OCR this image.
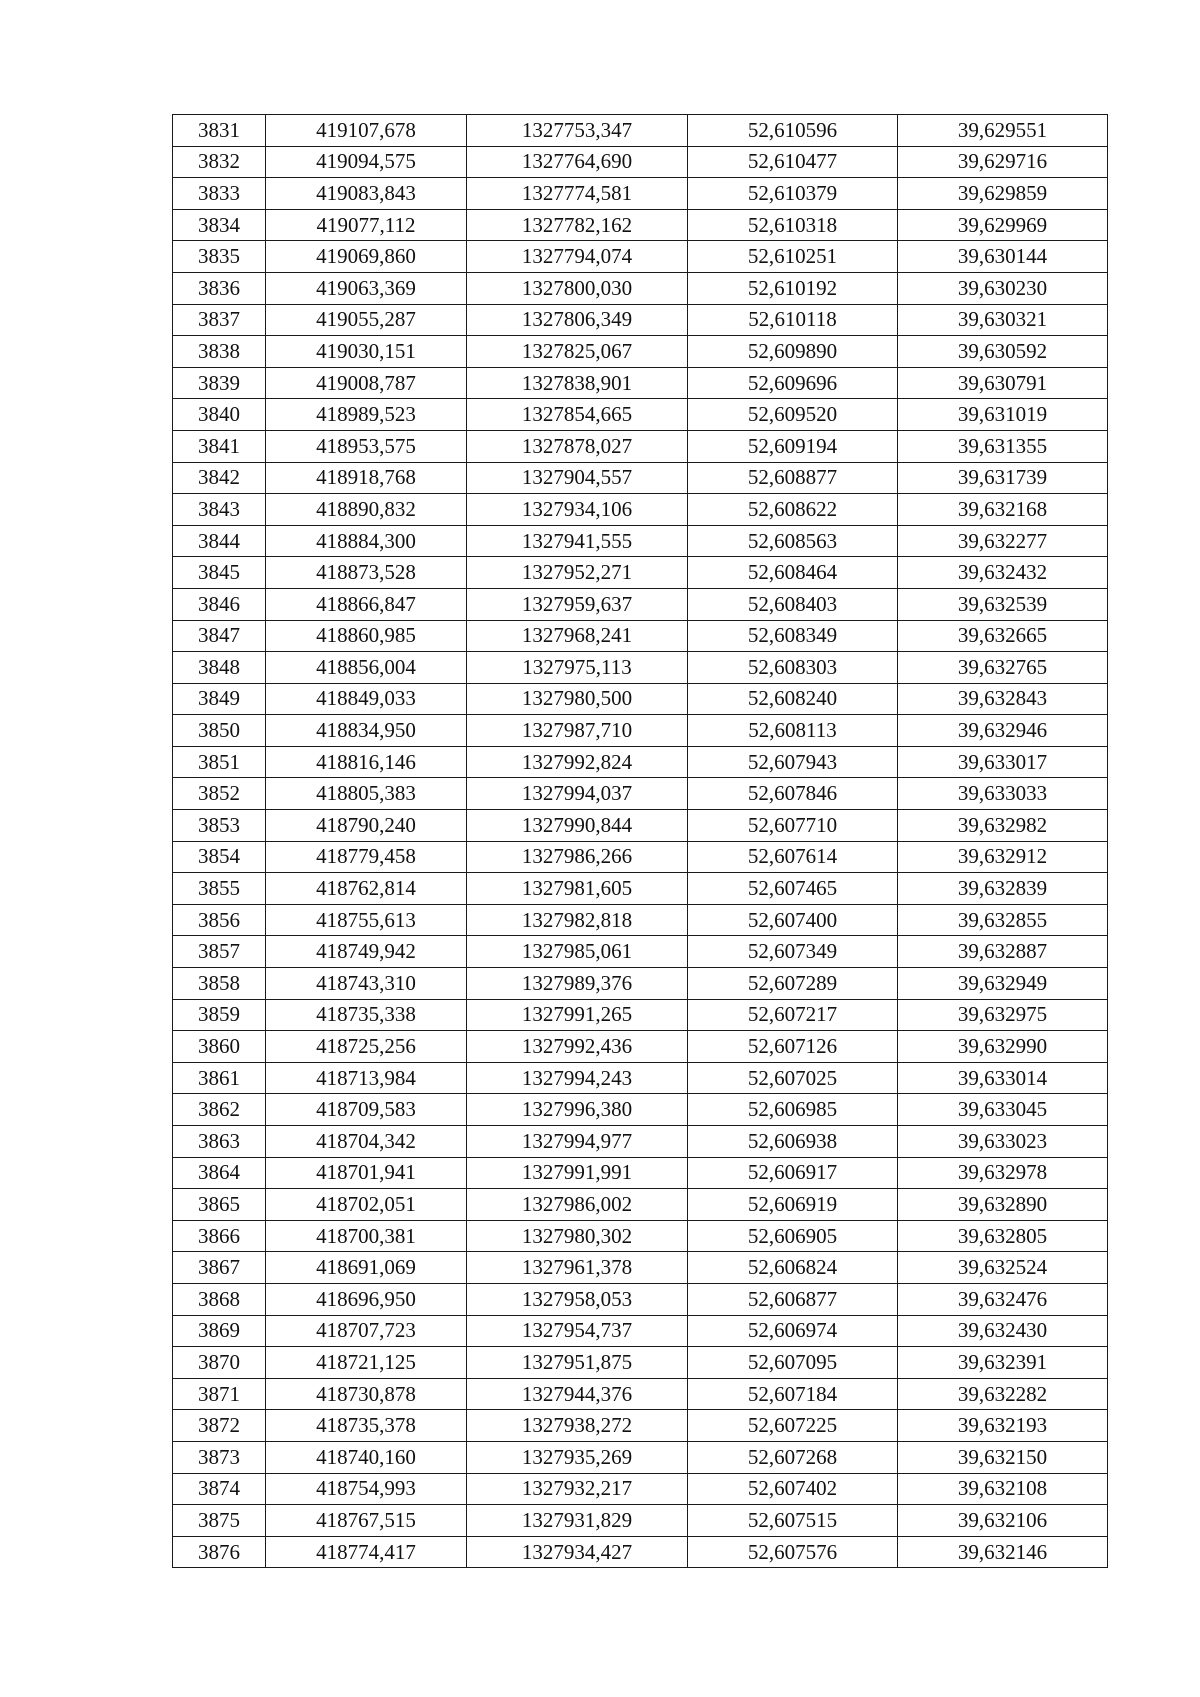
3831	419107,678	1327753,347	52,610596	39,629551
3832	419094,575	1327764,690	52,610477	39,629716
3833	419083,843	1327774,581	52,610379	39,629859
3834	419077,112	1327782,162	52,610318	39,629969
3835	419069,860	1327794,074	52,610251	39,630144
3836	419063,369	1327800,030	52,610192	39,630230
3837	419055,287	1327806,349	52,610118	39,630321
3838	419030,151	1327825,067	52,609890	39,630592
3839	419008,787	1327838,901	52,609696	39,630791
3840	418989,523	1327854,665	52,609520	39,631019
3841	418953,575	1327878,027	52,609194	39,631355
3842	418918,768	1327904,557	52,608877	39,631739
3843	418890,832	1327934,106	52,608622	39,632168
3844	418884,300	1327941,555	52,608563	39,632277
3845	418873,528	1327952,271	52,608464	39,632432
3846	418866,847	1327959,637	52,608403	39,632539
3847	418860,985	1327968,241	52,608349	39,632665
3848	418856,004	1327975,113	52,608303	39,632765
3849	418849,033	1327980,500	52,608240	39,632843
3850	418834,950	1327987,710	52,608113	39,632946
3851	418816,146	1327992,824	52,607943	39,633017
3852	418805,383	1327994,037	52,607846	39,633033
3853	418790,240	1327990,844	52,607710	39,632982
3854	418779,458	1327986,266	52,607614	39,632912
3855	418762,814	1327981,605	52,607465	39,632839
3856	418755,613	1327982,818	52,607400	39,632855
3857	418749,942	1327985,061	52,607349	39,632887
3858	418743,310	1327989,376	52,607289	39,632949
3859	418735,338	1327991,265	52,607217	39,632975
3860	418725,256	1327992,436	52,607126	39,632990
3861	418713,984	1327994,243	52,607025	39,633014
3862	418709,583	1327996,380	52,606985	39,633045
3863	418704,342	1327994,977	52,606938	39,633023
3864	418701,941	1327991,991	52,606917	39,632978
3865	418702,051	1327986,002	52,606919	39,632890
3866	418700,381	1327980,302	52,606905	39,632805
3867	418691,069	1327961,378	52,606824	39,632524
3868	418696,950	1327958,053	52,606877	39,632476
3869	418707,723	1327954,737	52,606974	39,632430
3870	418721,125	1327951,875	52,607095	39,632391
3871	418730,878	1327944,376	52,607184	39,632282
3872	418735,378	1327938,272	52,607225	39,632193
3873	418740,160	1327935,269	52,607268	39,632150
3874	418754,993	1327932,217	52,607402	39,632108
3875	418767,515	1327931,829	52,607515	39,632106
3876	418774,417	1327934,427	52,607576	39,632146
